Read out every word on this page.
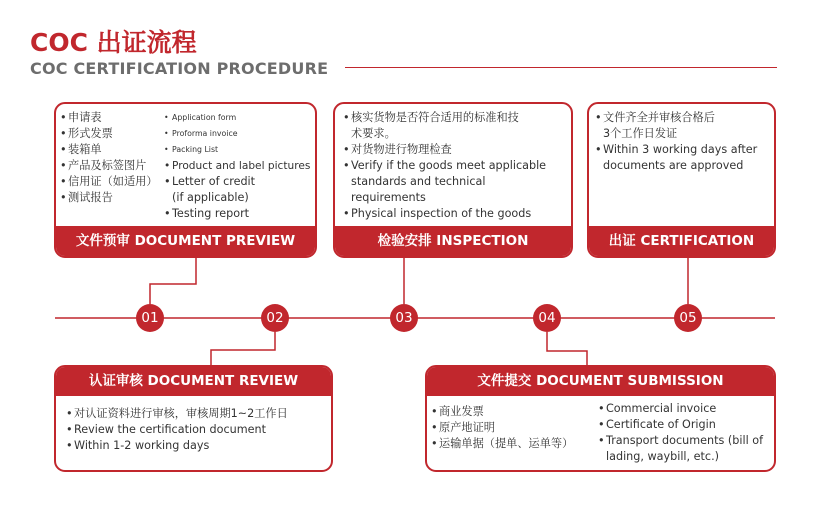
COC 出证流程
COC CERTIFICATION PROCEDURE
01	02	03	04	05
• 申请表
• 形式发票
• 装箱单
• 产品及标签图片
• 信用证（如适用）
• 测试报告
• Application form
• Proforma invoice
• Packing List
• Product and label pictures
• Letter of credit
(if applicable)
• Testing report
文件预审 DOCUMENT PREVIEW
• 核实货物是否符合适用的标准和技
术要求。
• 对货物进行物理检查
• Verify if the goods meet applicable
standards and technical
requirements
• Physical inspection of the goods
检验安排 INSPECTION
• 文件齐全并审核合格后
3个工作日发证
• Within 3 working days after
documents are approved
出证 CERTIFICATION
认证审核 DOCUMENT REVIEW
• 对认证资料进行审核，审核周期1~2工作日
• Review the certification document
• Within 1-2 working days
文件提交 DOCUMENT SUBMISSION
• 商业发票
• 原产地证明
• 运输单据（提单、运单等）
• Commercial invoice
• Certificate of Origin
• Transport documents (bill of
lading, waybill, etc.)
